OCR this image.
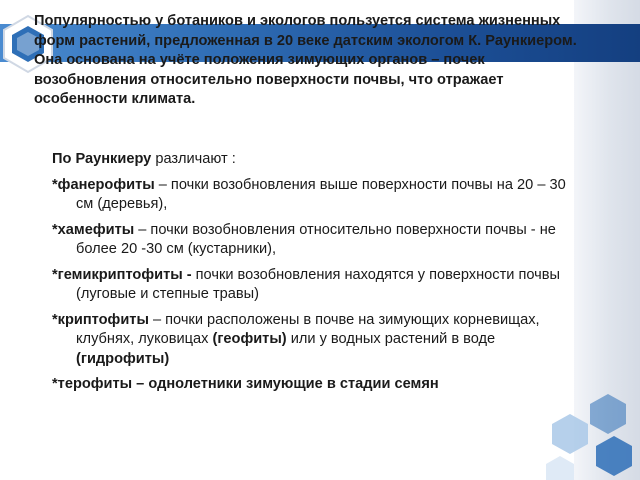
Популярностью у ботаников и экологов пользуется система жизненных форм растений, предложенная в 20 веке датским экологом К. Раункиером. Она основана на учёте положения зимующих органов – почек возобновления относительно поверхности почвы, что отражает особенности климата.

По Раункиеру различают :

*фанерофиты – почки возобновления выше поверхности почвы на 20 – 30 см (деревья),

*хамефиты – почки возобновления относительно поверхности почвы - не более 20 -30 см (кустарники),

*гемикриптофиты - почки возобновления находятся у поверхности почвы (луговые и степные травы)

*криптофиты – почки расположены в почве на зимующих корневищах, клубнях, луковицах (геофиты) или у водных растений в воде (гидрофиты)

*терофиты – однолетники зимующие в стадии семян
